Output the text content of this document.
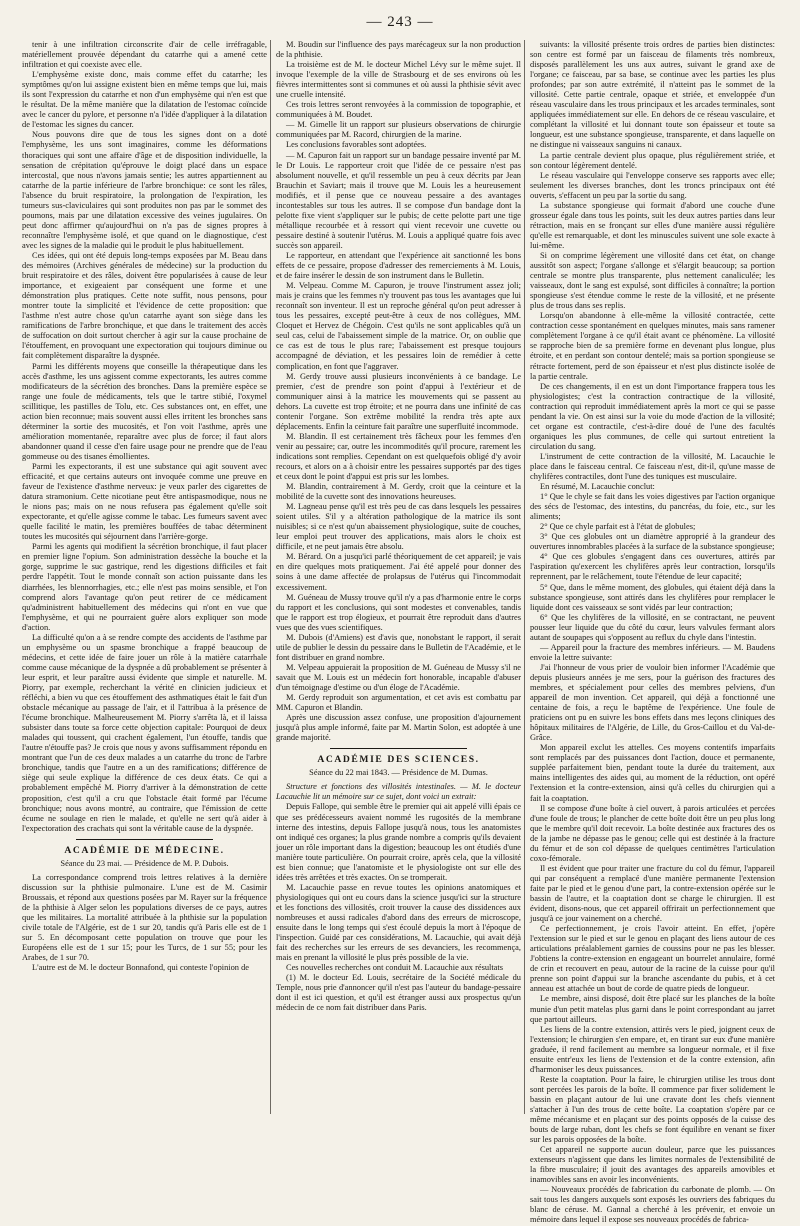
— 243 —

tenir à une infiltration circonscrite d'air de celle irréfragable, matériellement prouvée dépendant du catarrhe qui a amené cette infiltration et qui coexiste avec elle.

L'emphysème existe donc, mais comme effet du catarrhe; les symptômes qu'on lui assigne existent bien en même temps que lui, mais ils sont l'expression du catarrhe et non d'un emphysème qui n'en est que le résultat. De la même manière que la dilatation de l'estomac coïncide avec le cancer du pylore, et personne n'a l'idée d'appliquer à la dilatation de l'estomac les signes du cancer.

Nous pouvons dire que de tous les signes dont on a doté l'emphysème, les uns sont imaginaires, comme les déformations thoraciques qui sont une affaire d'âge et de disposition individuelle, la sensation de crépitation qu'éprouve le doigt placé dans un espace intercostal, que nous n'avons jamais sentie; les autres appartiennent au catarrhe de la partie inférieure de l'arbre bronchique: ce sont les râles, l'absence du bruit respiratoire, la prolongation de l'expiration, les tumeurs sus-claviculaires qui sont produites non pas par le sommet des poumons, mais par une dilatation excessive des veines jugulaires. On peut donc affirmer qu'aujourd'hui on n'a pas de signes propres à reconnaître l'emphysème isolé, et que quand on le diagnostique, c'est avec les signes de la maladie qui le produit le plus habituellement.

Ces idées, qui ont été depuis long-temps exposées par M. Beau dans des mémoires (Archives générales de médecine) sur la production du bruit respiratoire et des râles, doivent être popularisées à cause de leur importance, et exigeaient par conséquent une forme et une démonstration plus pratiques. Cette note suffit, nous pensons, pour montrer toute la simplicité et l'évidence de cette proposition: que l'asthme n'est autre chose qu'un catarrhe ayant son siège dans les ramifications de l'arbre bronchique, et que dans le traitement des accès de suffocation on doit surtout chercher à agir sur la cause prochaine de l'étouffement, en provoquant une expectoration qui toujours diminue ou fait complètement disparaître la dyspnée.

Parmi les différents moyens que conseille la thérapeutique dans les accès d'asthme, les uns agissent comme expectorants, les autres comme modificateurs de la sécrétion des bronches. Dans la première espèce se range une foule de médicaments, tels que le tartre stibié, l'oxymel scillitique, les pastilles de Tolu, etc. Ces substances ont, en effet, une action bien reconnue; mais souvent aussi elles irritent les bronches sans déterminer la sortie des mucosités, et l'on voit l'asthme, après une amélioration momentanée, reparaître avec plus de force; il faut alors abandonner quand il cesse d'en faire usage pour ne prendre que de l'eau gommeuse ou des tisanes émollientes.

Parmi les expectorants, il est une substance qui agit souvent avec efficacité, et que certains auteurs ont invoquée comme une preuve en faveur de l'existence d'asthme nerveux: je veux parler des cigarettes de datura stramonium. Cette nicotiane peut être antispasmodique, nous ne le nions pas; mais on ne nous refusera pas également qu'elle soit expectorante, et qu'elle agisse comme le tabac. Les fumeurs savent avec quelle facilité le matin, les premières bouffées de tabac déterminent toutes les mucosités qui séjournent dans l'arrière-gorge.

Parmi les agents qui modifient la sécrétion bronchique, il faut placer en premier ligne l'opium. Son administration dessèche la bouche et la gorge, supprime le suc gastrique, rend les digestions difficiles et fait perdre l'appétit. Tout le monde connaît son action puissante dans les diarrhées, les blennorrhagies, etc.; elle n'est pas moins sensible, et l'on comprend alors l'avantage qu'on peut retirer de ce médicament qu'administrent habituellement des médecins qui n'ont en vue que l'emphysème, et qui ne pourraient guère alors expliquer son mode d'action.

La difficulté qu'on a à se rendre compte des accidents de l'asthme par un emphysème ou un spasme bronchique a frappé beaucoup de médecins, et cette idée de faire jouer un rôle à la matière catarrhale comme cause mécanique de la dyspnée a dû probablement se présenter à leur esprit, et leur paraître aussi évidente que simple et naturelle. M. Piorry, par exemple, recherchant la vérité en clinicien judicieux et réfléchi, a bien vu que ces étouffement des asthmatiques était le fait d'un obstacle mécanique au passage de l'air, et il l'attribua à la présence de l'écume bronchique. Malheureusement M. Piorry s'arrêta là, et il laissa subsister dans toute sa force cette objection capitale: Pourquoi de deux malades qui toussent, qui crachent également, l'un étouffe, tandis que l'autre n'étouffe pas? Je crois que nous y avons suffisamment répondu en montrant que l'un de ces deux malades a un catarrhe du tronc de l'arbre bronchique, tandis que l'autre en a un des ramifications; différence de siège qui seule explique la différence de ces deux états. Ce qui a probablement empêché M. Piorry d'arriver à la démonstration de cette proposition, c'est qu'il a cru que l'obstacle était formé par l'écume bronchique; nous avons montré, au contraire, que l'émission de cette écume ne soulage en rien le malade, et qu'elle ne sert qu'à aider à l'expectoration des crachats qui sont la véritable cause de la dyspnée.

ACADÉMIE DE MÉDECINE.
Séance du 23 mai. — Présidence de M. P. Dubois.

La correspondance comprend trois lettres relatives à la dernière discussion sur la phthisie pulmonaire. L'une est de M. Casimir Broussais, et répond aux questions posées par M. Rayer sur la fréquence de la phthisie à Alger selon les populations diverses de ce pays, autres que les militaires. La mortalité attribuée à la phthisie sur la population civile totale de l'Algérie, est de 1 sur 20, tandis qu'à Paris elle est de 1 sur 5. En décomposant cette population on trouve que pour les Européens elle est de 1 sur 15; pour les Turcs, de 1 sur 55; pour les Arabes, de 1 sur 70.

L'autre est de M. le docteur Bonnafond, qui conteste l'opinion de

M. Boudin sur l'influence des pays marécageux sur la non production de la phthisie.

La troisième est de M. le docteur Michel Lévy sur le même sujet. Il invoque l'exemple de la ville de Strasbourg et de ses environs où les fièvres intermittentes sont si communes et où aussi la phthisie sévit avec une cruelle intensité.

Ces trois lettres seront renvoyées à la commission de topographie, et communiquées à M. Boudet.

— M. Gimelle lit un rapport sur plusieurs observations de chirurgie communiquées par M. Racord, chirurgien de la marine.

Les conclusions favorables sont adoptées.

— M. Capuron fait un rapport sur un bandage pessaire inventé par M. le Dr Louis. Le rapporteur croit que l'idée de ce pessaire n'est pas absolument nouvelle, et qu'il ressemble un peu à ceux décrits par Jean Brauchin et Saviart; mais il trouve que M. Louis les a heureusement modifiés, et il pense que ce nouveau pessaire a des avantages incontestables sur tous les autres. Il se compose d'un bandage dont la pelotte fixe vient s'appliquer sur le pubis; de cette pelotte part une tige métallique recourbée et à ressort qui vient recevoir une cuvette ou pessaire destiné à soutenir l'utérus. M. Louis a appliqué quatre fois avec succès son appareil.

Le rapporteur, en attendant que l'expérience ait sanctionné les bons effets de ce pessaire, propose d'adresser des remerciements à M. Louis, et de faire insérer le dessin de son instrument dans le Bulletin.

M. Velpeau. Comme M. Capuron, je trouve l'instrument assez joli; mais je crains que les femmes n'y trouvent pas tous les avantages que lui reconnaît son inventeur. Il est un reproche général qu'on peut adresser à tous les pessaires, excepté peut-être à ceux de nos collègues, MM. Cloquet et Hervez de Chégoin. C'est qu'ils ne sont applicables qu'à un seul cas, celui de l'abaissement simple de la matrice. Or, on oublie que ce cas est de tous le plus rare; l'abaissement est presque toujours accompagné de déviation, et les pessaires loin de remédier à cette complication, en font que l'aggraver.

M. Gerdy trouve aussi plusieurs inconvénients à ce bandage. Le premier, c'est de prendre son point d'appui à l'extérieur et de communiquer ainsi à la matrice les mouvements qui se passent au dehors. La cuvette est trop étroite; et ne pourra dans une infinité de cas contenir l'organe. Son extrême mobilité la rendra très apte aux déplacements. Enfin la ceinture fait paraître une superfluité incommode.

M. Blandin. Il est certainement très fâcheux pour les femmes d'en venir au pessaire; car, outre les incommodités qu'il procure, rarement les indications sont remplies. Cependant on est quelquefois obligé d'y avoir recours, et alors on a à choisir entre les pessaires supportés par des tiges et ceux dont le point d'appui est pris sur les lombes.

M. Blandin, contrairement à M. Gerdy, croit que la ceinture et la mobilité de la cuvette sont des innovations heureuses.

M. Lagneau pense qu'il est très peu de cas dans lesquels les pessaires soient utiles. S'il y a altération pathologique de la matrice ils sont nuisibles; si ce n'est qu'un abaissement physiologique, suite de couches, leur emploi peut trouver des applications, mais alors le choix est difficile, et ne peut jamais être absolu.

M. Bérard. On a jusqu'ici parlé théoriquement de cet appareil; je vais en dire quelques mots pratiquement. J'ai été appelé pour donner des soins à une dame affectée de prolapsus de l'utérus qui l'incommodait excessivement.

M. Guéneau de Mussy trouve qu'il n'y a pas d'harmonie entre le corps du rapport et les conclusions, qui sont modestes et convenables, tandis que le rapport est trop élogieux, et pourrait être reproduit dans d'autres vues que des vues scientifiques.

M. Dubois (d'Amiens) est d'avis que, nonobstant le rapport, il serait utile de publier le dessin du pessaire dans le Bulletin de l'Académie, et le font distribuer en grand nombre.

M. Velpeau appuierait la proposition de M. Guéneau de Mussy s'il ne savait que M. Louis est un médecin fort honorable, incapable d'abuser d'un témoignage d'estime ou d'un éloge de l'Académie.

M. Gerdy reproduit son argumentation, et cet avis est combattu par MM. Capuron et Blandin.

Après une discussion assez confuse, une proposition d'ajournement jusqu'à plus ample informé, faite par M. Martin Solon, est adoptée à une grande majorité.

ACADÉMIE DES SCIENCES.
Séance du 22 mai 1843. — Présidence de M. Dumas.

Structure et fonctions des villosités intestinales. — M. le docteur Lacauchie lit un mémoire sur ce sujet, dont voici un extrait:

Depuis Fallope, qui semble être le premier qui ait appelé villi épais ce que ses prédécesseurs avaient nommé les rugosités de la membrane interne des intestins, depuis Fallope jusqu'à nous, tous les anatomistes ont indiqué ces organes; la plus grande nombre a compris qu'ils devaient jouer un rôle important dans la digestion; beaucoup les ont étudiés d'une manière toute particulière. On pourrait croire, après cela, que la villosité est bien connue; que l'anatomiste et le physiologiste ont sur elle des idées très arrêtées et très exactes. On se tromperait.

M. Lacauchie passe en revue toutes les opinions anatomiques et physiologiques qui ont eu cours dans la science jusqu'ici sur la structure et les fonctions des villosités, croit trouver la cause des dissidences aux nombreuses et aussi radicales d'abord dans des erreurs de microscope, ensuite dans le long temps qui s'est écoulé depuis la mort à l'époque de l'inspection. Guidé par ces considérations, M. Lacauchie, qui avait déjà fait des recherches sur les erreurs de ses devanciers, les recommença, mais en prenant la villosité le plus près possible de la vie.

Ces nouvelles recherches ont conduit M. Lacauchie aux résultats

(1) M. le docteur Ed. Louis, secrétaire de la Société médicale du Temple, nous prie d'annoncer qu'il n'est pas l'auteur du bandage-pessaire dont il est ici question, et qu'il est étranger aussi aux prospectus qu'un médecin de ce nom fait distribuer dans Paris.

suivants: la villosité présente trois ordres de parties bien distinctes: son centre est formé par un faisceau de filaments très nombreux, disposés parallèlement les uns aux autres, suivant le grand axe de l'organe; ce faisceau, par sa base, se continue avec les parties les plus profondes; par son autre extrémité, il n'atteint pas le sommet de la villosité. Cette partie centrale, opaque et striée, et enveloppée d'un réseau vasculaire dans les trous principaux et les arcades terminales, sont appliquées immédiatement sur elle. En dehors de ce réseau vasculaire, et complétant la villosité et lui donnant toute son épaisseur et toute sa longueur, est une substance spongieuse, transparente, et dans laquelle on ne distingue ni vaisseaux sanguins ni canaux.

La partie centrale devient plus opaque, plus régulièrement striée, et son contour légèrement dentelé.

Le réseau vasculaire qui l'enveloppe conserve ses rapports avec elle; seulement les diverses branches, dont les troncs principaux ont été ouverts, s'effacent un peu par la sortie du sang.

La substance spongieuse qui formait d'abord une couche d'une grosseur égale dans tous les points, suit les deux autres parties dans leur rétraction, mais en se fronçant sur elles d'une manière aussi régulière qu'elle est remarquable, et dont les minuscules suivent une sole exacte à lui-même.

Si on comprime légèrement une villosité dans cet état, on change aussitôt son aspect; l'organe s'allonge et s'élargit beaucoup; sa portion centrale se montre plus transparente, plus nettement canaliculée; les vaisseaux, dont le sang est expulsé, sont difficiles à connaître; la portion spongieuse s'est étendue comme le reste de la villosité, et ne présente plus de trous dans ses replis.

Lorsqu'on abandonne à elle-même la villosité contractée, cette contraction cesse spontanément en quelques minutes, mais sans ramener complètement l'organe à ce qu'il était avant ce phénomène. La villosité se rapproche bien de sa première forme en devenant plus longue, plus étroite, et en perdant son contour dentelé; mais sa portion spongieuse se rétracte fortement, perd de son épaisseur et n'est plus distincte isolée de la partie centrale.

De ces changements, il en est un dont l'importance frappera tous les physiologistes; c'est la contraction contractique de la villosité, contraction qui reproduit immédiatement après la mort ce qui se passe pendant la vie. On est ainsi sur la voie du mode d'action de la villosité; cet organe est contractile, c'est-à-dire doué de l'une des facultés organiques les plus communes, de celle qui surtout entretient la circulation du sang.

L'instrument de cette contraction de la villosité, M. Lacauchie le place dans le faisceau central. Ce faisceau n'est, dit-il, qu'une masse de chylifères contractiles, dont l'une des tuniques est musculaire.

En résumé, M. Lacauchie conclut:

1° Que le chyle se fait dans les voies digestives par l'action organique des sécs de l'estomac, des intestins, du pancréas, du foie, etc., sur les aliments;

2° Que ce chyle parfait est à l'état de globules;

3° Que ces globules ont un diamètre approprié à la grandeur des ouvertures innombrables placées à la surface de la substance spongieuse;

4° Que ces globules s'engagent dans ces ouvertures, attirés par l'aspiration qu'exercent les chylifères après leur contraction, lorsqu'ils reprennent, par le relâchement, toute l'étendue de leur capacité;

5° Que, dans le même moment, des globules, qui étaient déjà dans la substance spongieuse, sont attirés dans les chylifères pour remplacer le liquide dont ces vaisseaux se sont vidés par leur contraction;

6° Que les chylifères de la villosité, en se contractant, ne peuvent pousser leur liquide que du côté du cœur, leurs valvules fermant alors autant de soupapes qui s'opposent au reflux du chyle dans l'intestin.

— Appareil pour la fracture des membres inférieurs. — M. Baudens envoie la lettre suivante:

J'ai l'honneur de vous prier de vouloir bien informer l'Académie que depuis plusieurs années je me sers, pour la guérison des fractures des membres, et spécialement pour celles des membres pelviens, d'un appareil de mon invention. Cet appareil, qui déjà a fonctionné une centaine de fois, a reçu le baptême de l'expérience. Une foule de praticiens ont pu en suivre les bons effets dans mes leçons cliniques des hôpitaux militaires de l'Algérie, de Lille, du Gros-Caillou et du Val-de-Grâce.

Mon appareil exclut les attelles. Ces moyens contentifs imparfaits sont remplacés par des puissances dont l'action, douce et permanente, supplée parfaitement bien, pendant toute la durée du traitement, aux mains intelligentes des aides qui, au moment de la réduction, ont opéré l'extension et la contre-extension, ainsi qu'à celles du chirurgien qui a fait la coaptation.

Il se compose d'une boîte à ciel ouvert, à parois articulées et percées d'une foule de trous; le plancher de cette boîte doit être un peu plus long que le membre qu'il doit recevoir. La boîte destinée aux fractures des os de la jambe ne dépasse pas le genou; celle qui est destinée à la fracture du fémur et de son col dépasse de quelques centimètres l'articulation coxo-fémorale.

Il est évident que pour traiter une fracture du col du fémur, l'appareil qui par conséquent a remplacé d'une manière permanente l'extension faite par le pied et le genou d'une part, la contre-extension opérée sur le bassin de l'autre, et la coaptation dont se charge le chirurgien. Il est évident, disons-nous, que cet appareil offrirait un perfectionnement que jusqu'à ce jour vainement on a cherché.

Ce perfectionnement, je crois l'avoir atteint. En effet, j'opère l'extension sur le pied et sur le genou en plaçant des liens autour de ces articulations préalablement garnies de coussins pour ne pas les blesser. J'obtiens la contre-extension en engageant un bourrelet annulaire, formé de crin et recouvert en peau, autour de la racine de la cuisse pour qu'il prenne son point d'appui sur la branche ascendante du pubis, et à cet anneau est attachée un bout de corde de quatre pieds de longueur.

Le membre, ainsi disposé, doit être placé sur les planches de la boîte munie d'un petit matelas plus garni dans le point correspondant au jarret que partout ailleurs.

Les liens de la contre extension, attirés vers le pied, joignent ceux de l'extension; le chirurgien s'en empare, et, en tirant sur eux d'une manière graduée, il rend facilement au membre sa longueur normale, et il fixe ensuite entr'eux les liens de l'extension et de la contre extension, afin d'harmoniser les deux puissances.

Reste la coaptation. Pour la faire, le chirurgien utilise les trous dont sont percées les parois de la boîte. Il commence par fixer solidement le bassin en plaçant autour de lui une cravate dont les chefs viennent s'attacher à l'un des trous de cette boîte. La coaptation s'opère par ce même mécanisme et en plaçant sur des points opposés de la cuisse des bouts de large ruban, dont les chefs se font équilibre en venant se fixer sur les parois opposées de la boîte.

Cet appareil ne supporte aucun douleur, parce que les puissances extenseurs n'agissent que dans les limites normales de l'extensibilité de la fibre musculaire; il jouit des avantages des appareils amovibles et inamovibles sans en avoir les inconvénients.

— Nouveaux procédés de fabrication du carbonate de plomb. — On sait tous les dangers auxquels sont exposés les ouvriers des fabriques du blanc de céruse. M. Gannal a cherché à les prévenir, et envoie un mémoire dans lequel il expose ses nouveaux procédés de fabrica-
